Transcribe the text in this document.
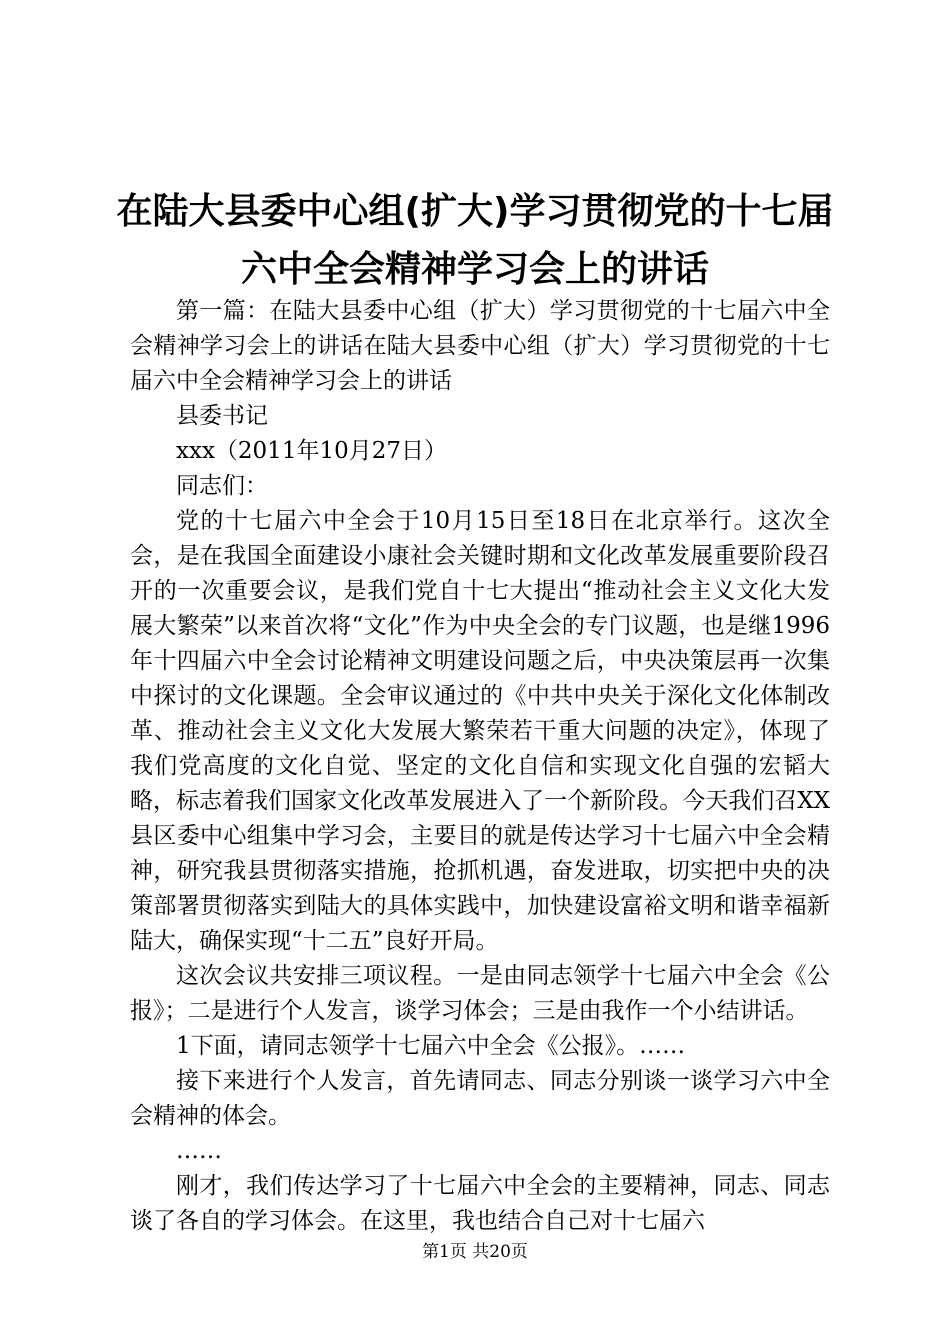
在陆大县委中心组(扩大)学习贯彻党的十七届
六中全会精神学习会上的讲话

第一篇：在陆大县委中心组（扩大）学习贯彻党的十七届六中全会精神学习会上的讲话在陆大县委中心组（扩大）学习贯彻党的十七届六中全会精神学习会上的讲话

县委书记

xxx（2011年10月27日）

同志们：

党的十七届六中全会于10月15日至18日在北京举行。这次全会，是在我国全面建设小康社会关键时期和文化改革发展重要阶段召开的一次重要会议，是我们党自十七大提出“推动社会主义文化大发展大繁荣”以来首次将“文化”作为中央全会的专门议题，也是继1996年十四届六中全会讨论精神文明建设问题之后，中央决策层再一次集中探讨的文化课题。全会审议通过的《中共中央关于深化文化体制改革、推动社会主义文化大发展大繁荣若干重大问题的决定》，体现了我们党高度的文化自觉、坚定的文化自信和实现文化自强的宏韬大略，标志着我们国家文化改革发展进入了一个新阶段。今天我们召XX县区委中心组集中学习会，主要目的就是传达学习十七届六中全会精神，研究我县贯彻落实措施，抢抓机遇，奋发进取，切实把中央的决策部署贯彻落实到陆大的具体实践中，加快建设富裕文明和谐幸福新陆大，确保实现“十二五”良好开局。

这次会议共安排三项议程。一是由同志领学十七届六中全会《公报》；二是进行个人发言，谈学习体会；三是由我作一个小结讲话。

1下面，请同志领学十七届六中全会《公报》。……

接下来进行个人发言，首先请同志、同志分别谈一谈学习六中全会精神的体会。

……

刚才，我们传达学习了十七届六中全会的主要精神，同志、同志谈了各自的学习体会。在这里，我也结合自己对十七届六

第1页 共20页
